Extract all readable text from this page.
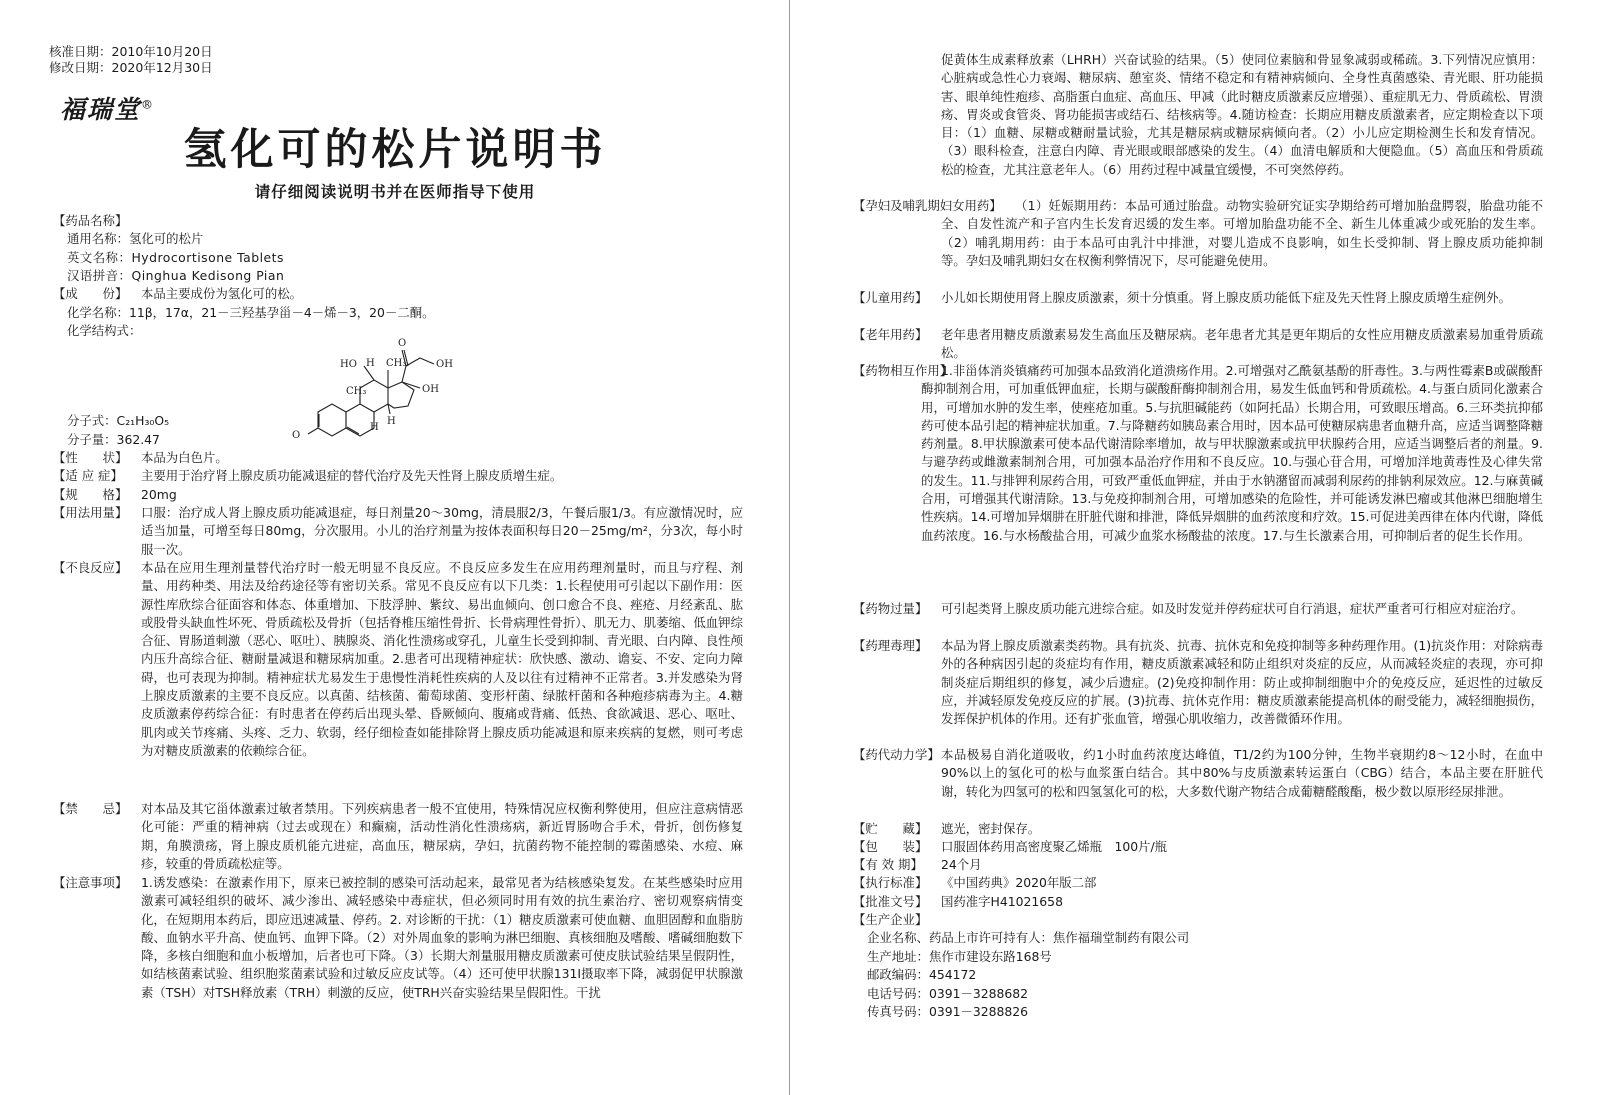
核准日期：2010年10月20日
修改日期：2020年12月30日
福瑞堂®
氢化可的松片说明书
请仔细阅读说明书并在医师指导下使用
【药品名称】
通用名称：氢化可的松片
英文名称：Hydrocortisone Tablets
汉语拼音：Qinghua Kedisong Pian
【成　　份】 本品主要成份为氢化可的松。
化学名称：11β，17α，21－三羟基孕甾－4－烯－3，20－二酮。
化学结构式：
O
HO H CH₃
CH₃
O
OH
OH
H
H
分子式：C₂₁H₃₀O₅
分子量：362.47
【性　　状】 本品为白色片。
【适 应 症】 主要用于治疗肾上腺皮质功能减退症的替代治疗及先天性肾上腺皮质增生症。
【规　　格】 20mg
【用法用量】 口服：治疗成人肾上腺皮质功能减退症，每日剂量20～30mg，清晨服2/3，午餐后服1/3。有应激情况时，应适当加量，可增至每日80mg，分次服用。小儿的治疗剂量为按体表面积每日20－25mg/m²，分3次，每小时服一次。
【不良反应】 本品在应用生理剂量替代治疗时一般无明显不良反应。不良反应多发生在应用药理剂量时，而且与疗程、剂量、用药种类、用法及给药途径等有密切关系。常见不良反应有以下几类：1.长程使用可引起以下副作用：医源性库欣综合征面容和体态、体重增加、下肢浮肿、紫纹、易出血倾向、创口愈合不良、痤疮、月经紊乱、肱或股骨头缺血性坏死、骨质疏松及骨折（包括脊椎压缩性骨折、长骨病理性骨折）、肌无力、肌萎缩、低血钾综合征、胃肠道刺激（恶心、呕吐）、胰腺炎、消化性溃疡或穿孔，儿童生长受到抑制、青光眼、白内障、良性颅内压升高综合征、糖耐量减退和糖尿病加重。2.患者可出现精神症状：欣快感、激动、谵妄、不安、定向力障碍，也可表现为抑制。精神症状尤易发生于患慢性消耗性疾病的人及以往有过精神不正常者。3.并发感染为肾上腺皮质激素的主要不良反应。以真菌、结核菌、葡萄球菌、变形杆菌、绿脓杆菌和各种疱疹病毒为主。4.糖皮质激素停药综合征：有时患者在停药后出现头晕、昏厥倾向、腹痛或背痛、低热、食欲减退、恶心、呕吐、肌肉或关节疼痛、头疼、乏力、软弱，经仔细检查如能排除肾上腺皮质功能减退和原来疾病的复燃，则可考虑为对糖皮质激素的依赖综合征。
【禁　　忌】 对本品及其它甾体激素过敏者禁用。下列疾病患者一般不宜使用，特殊情况应权衡利弊使用，但应注意病情恶化可能：严重的精神病（过去或现在）和癫痫，活动性消化性溃疡病，新近胃肠吻合手术，骨折，创伤修复期，角膜溃疡，肾上腺皮质机能亢进症，高血压，糖尿病，孕妇，抗菌药物不能控制的霉菌感染、水痘、麻疹，较重的骨质疏松症等。
【注意事项】 1.诱发感染：在激素作用下，原来已被控制的感染可活动起来，最常见者为结核感染复发。在某些感染时应用激素可减轻组织的破坏、减少渗出、减轻感染中毒症状，但必须同时用有效的抗生素治疗、密切观察病情变化，在短期用本药后，即应迅速减量、停药。2. 对诊断的干扰：（1）糖皮质激素可使血糖、血胆固醇和血脂肪酸、血钠水平升高、使血钙、血钾下降。（2）对外周血象的影响为淋巴细胞、真核细胞及嗜酸、嗜碱细胞数下降，多核白细胞和血小板增加，后者也可下降。（3）长期大剂量服用糖皮质激素可使皮肤试验结果呈假阴性，如结核菌素试验、组织胞浆菌素试验和过敏反应皮试等。（4）还可使甲状腺131I摄取率下降，减弱促甲状腺激素（TSH）对TSH释放素（TRH）刺激的反应，使TRH兴奋实验结果呈假阳性。干扰
促黄体生成素释放素（LHRH）兴奋试验的结果。（5）使同位素脑和骨显象减弱或稀疏。3.下列情况应慎用：心脏病或急性心力衰竭、糖尿病、憩室炎、情绪不稳定和有精神病倾向、全身性真菌感染、青光眼、肝功能损害、眼单纯性疱疹、高脂蛋白血症、高血压、甲减（此时糖皮质激素反应增强）、重症肌无力、骨质疏松、胃溃疡、胃炎或食管炎、肾功能损害或结石、结核病等。4.随访检查：长期应用糖皮质激素者，应定期检查以下项目：（1）血糖、尿糖或糖耐量试验，尤其是糖尿病或糖尿病倾向者。（2）小儿应定期检测生长和发育情况。（3）眼科检查，注意白内障、青光眼或眼部感染的发生。（4）血清电解质和大便隐血。（5）高血压和骨质疏松的检查，尤其注意老年人。（6）用药过程中减量宜缓慢，不可突然停药。
【孕妇及哺乳期妇女用药】	（1）妊娠期用药：本品可通过胎盘。动物实验研究证实孕期给药可增加胎盘腭裂，胎盘功能不全、自发性流产和子宫内生长发育迟缓的发生率。可增加胎盘功能不全、新生儿体重减少或死胎的发生率。（2）哺乳期用药：由于本品可由乳汁中排泄，对婴儿造成不良影响，如生长受抑制、肾上腺皮质功能抑制等。孕妇及哺乳期妇女在权衡利弊情况下，尽可能避免使用。
【儿童用药】 小儿如长期使用肾上腺皮质激素，须十分慎重。肾上腺皮质功能低下症及先天性肾上腺皮质增生症例外。
【老年用药】 老年患者用糖皮质激素易发生高血压及糖尿病。老年患者尤其是更年期后的女性应用糖皮质激素易加重骨质疏松。
【药物相互作用】
1.非甾体消炎镇痛药可加强本品致消化道溃疡作用。2.可增强对乙酰氨基酚的肝毒性。3.与两性霉素B或碳酸酐酶抑制剂合用，可加重低钾血症，长期与碳酸酐酶抑制剂合用，易发生低血钙和骨质疏松。4.与蛋白质同化激素合用，可增加水肿的发生率，使痤疮加重。5.与抗胆碱能药（如阿托品）长期合用，可致眼压增高。6.三环类抗抑郁药可使本品引起的精神症状加重。7.与降糖药如胰岛素合用时，因本品可使糖尿病患者血糖升高，应适当调整降糖药剂量。8.甲状腺激素可使本品代谢清除率增加，故与甲状腺激素或抗甲状腺药合用，应适当调整后者的剂量。9.与避孕药或雌激素制剂合用，可加强本品治疗作用和不良反应。10.与强心苷合用，可增加洋地黄毒性及心律失常的发生。11.与排钾利尿药合用，可致严重低血钾症，并由于水钠潴留而减弱利尿药的排钠利尿效应。12.与麻黄碱合用，可增强其代谢清除。13.与免疫抑制剂合用，可增加感染的危险性，并可能诱发淋巴瘤或其他淋巴细胞增生性疾病。14.可增加异烟肼在肝脏代谢和排泄，降低异烟肼的血药浓度和疗效。15.可促进美西律在体内代谢，降低血药浓度。16.与水杨酸盐合用，可减少血浆水杨酸盐的浓度。17.与生长激素合用，可抑制后者的促生长作用。
【药物过量】 可引起类肾上腺皮质功能亢进综合症。如及时发觉并停药症状可自行消退，症状严重者可行相应对症治疗。
【药理毒理】 本品为肾上腺皮质激素类药物。具有抗炎、抗毒、抗休克和免疫抑制等多种药理作用。(1)抗炎作用：对除病毒外的各种病因引起的炎症均有作用，糖皮质激素减轻和防止组织对炎症的反应，从而减轻炎症的表现，亦可抑制炎症后期组织的修复，减少后遗症。(2)免疫抑制作用：防止或抑制细胞中介的免疫反应，延迟性的过敏反应，并减轻原发免疫反应的扩展。(3)抗毒、抗休克作用：糖皮质激素能提高机体的耐受能力，减轻细胞损伤，发挥保护机体的作用。还有扩张血管，增强心肌收缩力，改善微循环作用。
【药代动力学】 本品极易自消化道吸收，约1小时血药浓度达峰值，T1/2约为100分钟，生物半衰期约8～12小时，在血中90%以上的氢化可的松与血浆蛋白结合。其中80%与皮质激素转运蛋白（CBG）结合，本品主要在肝脏代谢，转化为四氢可的松和四氢氢化可的松，大多数代谢产物结合成葡糖醛酸酯，极少数以原形经尿排泄。
【贮　　藏】 遮光，密封保存。
【包　　装】 口服固体药用高密度聚乙烯瓶　100片/瓶
【有 效 期】 24个月
【执行标准】 《中国药典》2020年版二部
【批准文号】 国药准字H41021658
【生产企业】
企业名称、药品上市许可持有人：焦作福瑞堂制药有限公司
生产地址：焦作市建设东路168号
邮政编码：454172
电话号码：0391－3288682
传真号码：0391－3288826
